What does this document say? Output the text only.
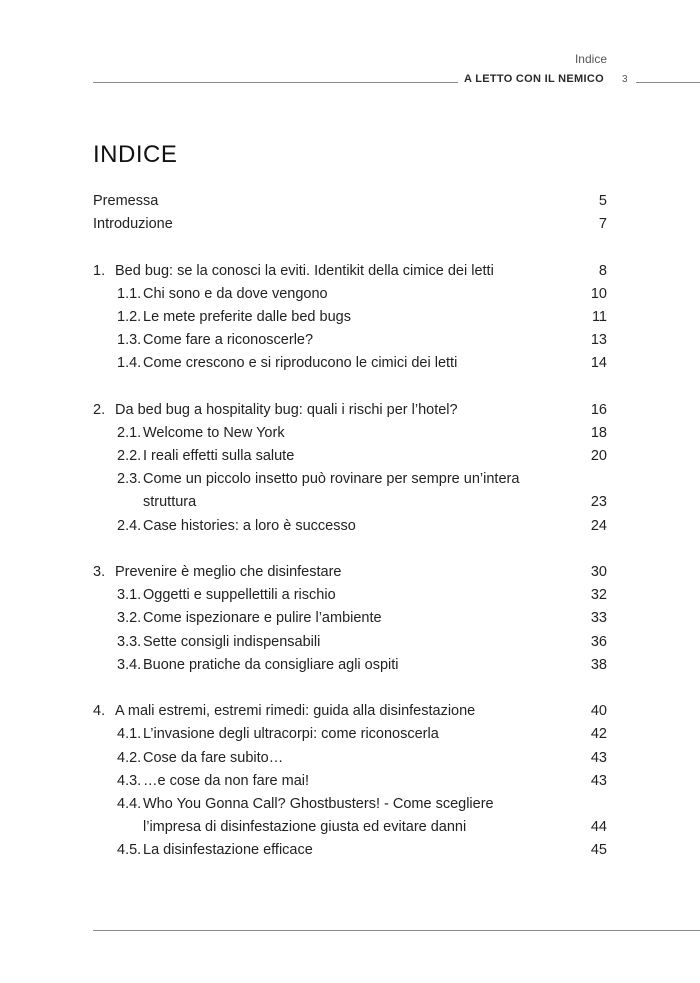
Indice
A LETTO CON IL NEMICO 3
INDICE
Premessa	5
Introduzione	7
1. Bed bug: se la conosci la eviti. Identikit della cimice dei letti	8
1.1. Chi sono e da dove vengono	10
1.2. Le mete preferite dalle bed bugs	11
1.3. Come fare a riconoscerle?	13
1.4. Come crescono e si riproducono le cimici dei letti	14
2. Da bed bug a hospitality bug: quali i rischi per l’hotel?	16
2.1. Welcome to New York	18
2.2. I reali effetti sulla salute	20
2.3. Come un piccolo insetto può rovinare per sempre un’intera
struttura	23
2.4. Case histories: a loro è successo	24
3. Prevenire è meglio che disinfestare	30
3.1. Oggetti e suppellettili a rischio	32
3.2. Come ispezionare e pulire l’ambiente	33
3.3. Sette consigli indispensabili	36
3.4. Buone pratiche da consigliare agli ospiti	38
4. A mali estremi, estremi rimedi: guida alla disinfestazione	40
4.1. L’invasione degli ultracorpi: come riconoscerla	42
4.2. Cose da fare subito…	43
4.3. …e cose da non fare mai!	43
4.4. Who You Gonna Call? Ghostbusters! - Come scegliere
l’impresa di disinfestazione giusta ed evitare danni	44
4.5. La disinfestazione efficace	45
